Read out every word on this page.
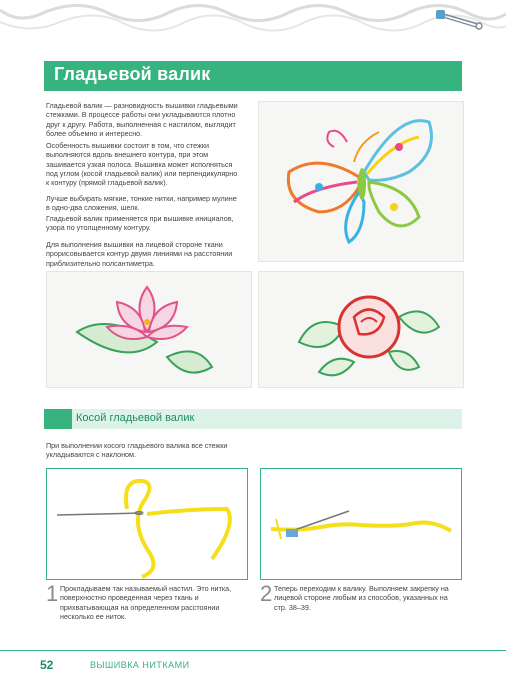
Гладьевой валик

Гладьевой валик — разновидность вышивки гладьевыми стежками. В процессе работы они укладываются плотно друг к другу. Работа, выполненная с настилом, выглядит более объемно и интересно.

Особенность вышивки состоит в том, что стежки выполняются вдоль внешнего контура, при этом зашивается узкая полоса. Вышивка может исполняться под углом (косой гладьевой валик) или перпендикулярно к контуру (прямой гладьевой валик).

Лучше выбирать мягкие, тонкие нитки, например мулине в одно-два сложения, шелк.

Гладьевой валик применяется при вышивке инициалов, узора по утолщенному контуру.

Для выполнения вышивки на лицевой стороне ткани прорисовывается контур двумя линиями на расстоянии приблизительно полсантиметра.

Косой гладьевой валик

При выполнении косого гладьевого валика все стежки укладываются с наклоном.

1 Прокладываем так называемый настил. Это нитка, поверхностно проведенная через ткань и прихватывающая на определенном расстоянии несколько ее ниток.

2 Теперь переходим к валику. Выполняем закрепку на лицевой стороне любым из способов, указанных на стр. 38–39.

52	ВЫШИВКА НИТКАМИ
